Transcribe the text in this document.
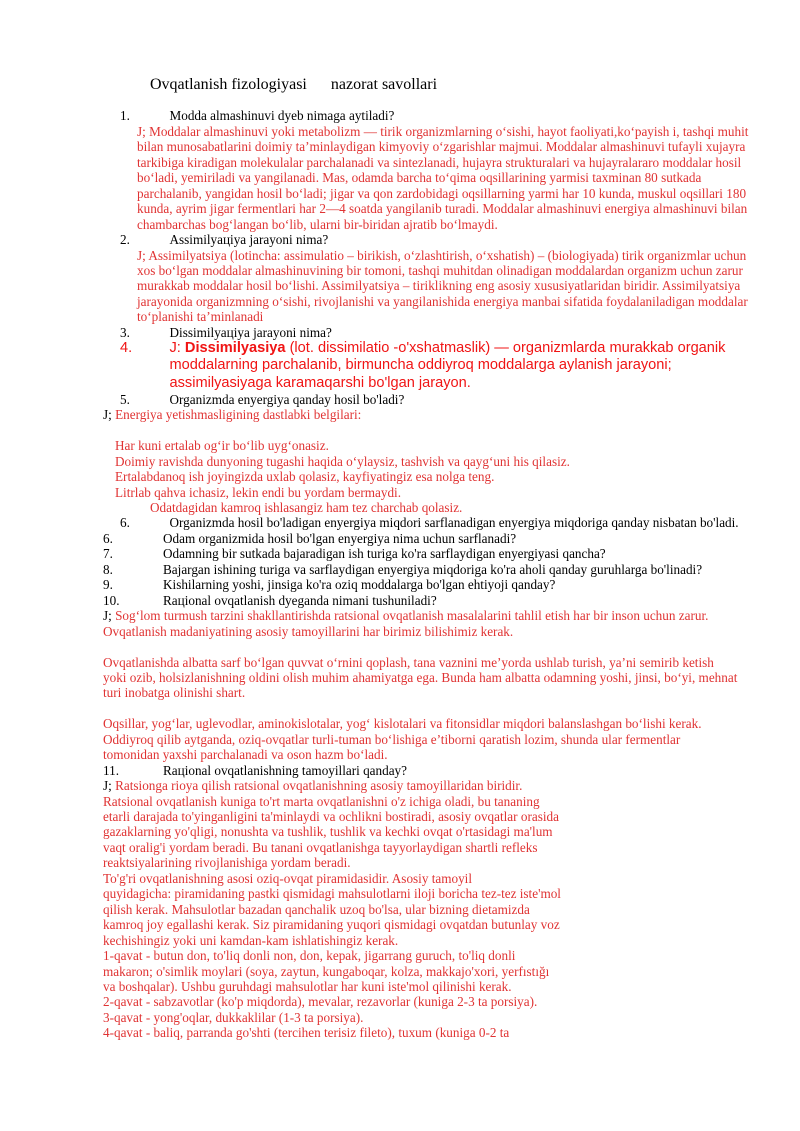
Ovqatlanish fizologiyasi      nazorat savollari
1.	Modda almashinuvi dyeb nimaga aytiladi?
J; Moddalar almashinuvi yoki metabolizm — tirik organizmlarning o‘sishi, hayot faoliyati,ko‘payish i, tashqi muhit
bilan munosabatlarini doimiy ta’minlaydigan kimyoviy o‘zgarishlar majmui. Moddalar almashinuvi tufayli xujayra
tarkibiga kiradigan molekulalar parchalanadi va sintezlanadi, hujayra strukturalari va hujayralararo moddalar hosil
bo‘ladi, yemiriladi va yangilanadi. Mas, odamda barcha to‘qima oqsillarining yarmisi taxminan 80 sutkada
parchalanib, yangidan hosil bo‘ladi; jigar va qon zardobidagi oqsillarning yarmi har 10 kunda, muskul oqsillari 180
kunda, ayrim jigar fermentlari har 2—4 soatda yangilanib turadi. Moddalar almashinuvi energiya almashinuvi bilan
chambarchas bog‘langan bo‘lib, ularni bir-biridan ajratib bo‘lmaydi.
2.	Assimilyaцiya jarayoni nima?
J; Assimilyatsiya (lotincha: assimulatio – birikish, o‘zlashtirish, o‘xshatish) – (biologiyada) tirik organizmlar uchun
xos bo‘lgan moddalar almashinuvining bir tomoni, tashqi muhitdan olinadigan moddalardan organizm uchun zarur
murakkab moddalar hosil bo‘lishi. Assimilyatsiya – tiriklikning eng asosiy xususiyatlaridan biridir. Assimilyatsiya
jarayonida organizmning o‘sishi, rivojlanishi va yangilanishida energiya manbai sifatida foydalaniladigan moddalar
to‘planishi ta’minlanadi
3.	Dissimilyaцiya jarayoni nima?
4.	J: Dissimilyasiya (lot. dissimilatio -o'xshatmaslik) — organizmlarda murakkab organik
moddalarning parchalanib, birmuncha oddiyroq moddalarga aylanish jarayoni;
assimilyasiyaga karamaqarshi bo'lgan jarayon.
5.	Organizmda enyergiya qanday hosil bo'ladi?
J; Energiya yetishmasligining dastlabki belgilari:
Har kuni ertalab og‘ir bo‘lib uyg‘onasiz.
Doimiy ravishda dunyoning tugashi haqida o‘ylaysiz, tashvish va qayg‘uni his qilasiz.
Ertalabdanoq ish joyingizda uxlab qolasiz, kayfiyatingiz esa nolga teng.
Litrlab qahva ichasiz, lekin endi bu yordam bermaydi.
Odatdagidan kamroq ishlasangiz ham tez charchab qolasiz.
6.	Organizmda hosil bo'ladigan enyergiya miqdori sarflanadigan enyergiya miqdoriga qanday nisbatan bo'ladi.
6.	Odam organizmida hosil bo'lgan enyergiya nima uchun sarflanadi?
7.	Odamning bir sutkada bajaradigan ish turiga ko'ra sarflaydigan enyergiyasi qancha?
8.	Bajargan ishining turiga va sarflaydigan enyergiya miqdoriga ko'ra aholi qanday guruhlarga bo'linadi?
9.	Kishilarning yoshi, jinsiga ko'ra oziq moddalarga bo'lgan ehtiyoji qanday?
10.	Raцional ovqatlanish dyeganda nimani tushuniladi?
J; Sog‘lom turmush tarzini shakllantirishda ratsional ovqatlanish masalalarini tahlil etish har bir inson uchun zarur.
Ovqatlanish madaniyatining asosiy tamoyillarini har birimiz bilishimiz kerak.
Ovqatlanishda albatta sarf bo‘lgan quvvat o‘rnini qoplash, tana vaznini me’yorda ushlab turish, ya’ni semirib ketish
yoki ozib, holsizlanishning oldini olish muhim ahamiyatga ega. Bunda ham albatta odamning yoshi, jinsi, bo‘yi, mehnat
turi inobatga olinishi shart.
Oqsillar, yog‘lar, uglevodlar, aminokislotalar, yog‘ kislotalari va fitonsidlar miqdori balanslashgan bo‘lishi kerak.
Oddiyroq qilib aytganda, oziq-ovqatlar turli-tuman bo‘lishiga e’tiborni qaratish lozim, shunda ular fermentlar
tomonidan yaxshi parchalanadi va oson hazm bo‘ladi.
11.	Raцional ovqatlanishning tamoyillari qanday?
J; Ratsionga rioya qilish ratsional ovqatlanishning asosiy tamoyillaridan biridir.
Ratsional ovqatlanish kuniga to'rt marta ovqatlanishni o'z ichiga oladi, bu tananing
etarli darajada to'yinganligini ta'minlaydi va ochlikni bostiradi, asosiy ovqatlar orasida
gazaklarning yo'qligi, nonushta va tushlik, tushlik va kechki ovqat o'rtasidagi ma'lum
vaqt oralig'i yordam beradi. Bu tanani ovqatlanishga tayyorlaydigan shartli refleks
reaktsiyalarining rivojlanishiga yordam beradi.
To'g'ri ovqatlanishning asosi oziq-ovqat piramidasidir. Asosiy tamoyil
quyidagicha: piramidaning pastki qismidagi mahsulotlarni iloji boricha tez-tez iste'mol
qilish kerak. Mahsulotlar bazadan qanchalik uzoq bo'lsa, ular bizning dietamizda
kamroq joy egallashi kerak. Siz piramidaning yuqori qismidagi ovqatdan butunlay voz
kechishingiz yoki uni kamdan-kam ishlatishingiz kerak.
1-qavat - butun don, to'liq donli non, don, kepak, jigarrang guruch, to'liq donli
makaron; o'simlik moylari (soya, zaytun, kungaboqar, kolza, makkajo'xori, yerfıstığı
va boshqalar). Ushbu guruhdagi mahsulotlar har kuni iste'mol qilinishi kerak.
2-qavat - sabzavotlar (ko'p miqdorda), mevalar, rezavorlar (kuniga 2-3 ta porsiya).
3-qavat - yong'oqlar, dukkaklilar (1-3 ta porsiya).
4-qavat - baliq, parranda go'shti (tercihen terisiz fileto), tuxum (kuniga 0-2 ta
